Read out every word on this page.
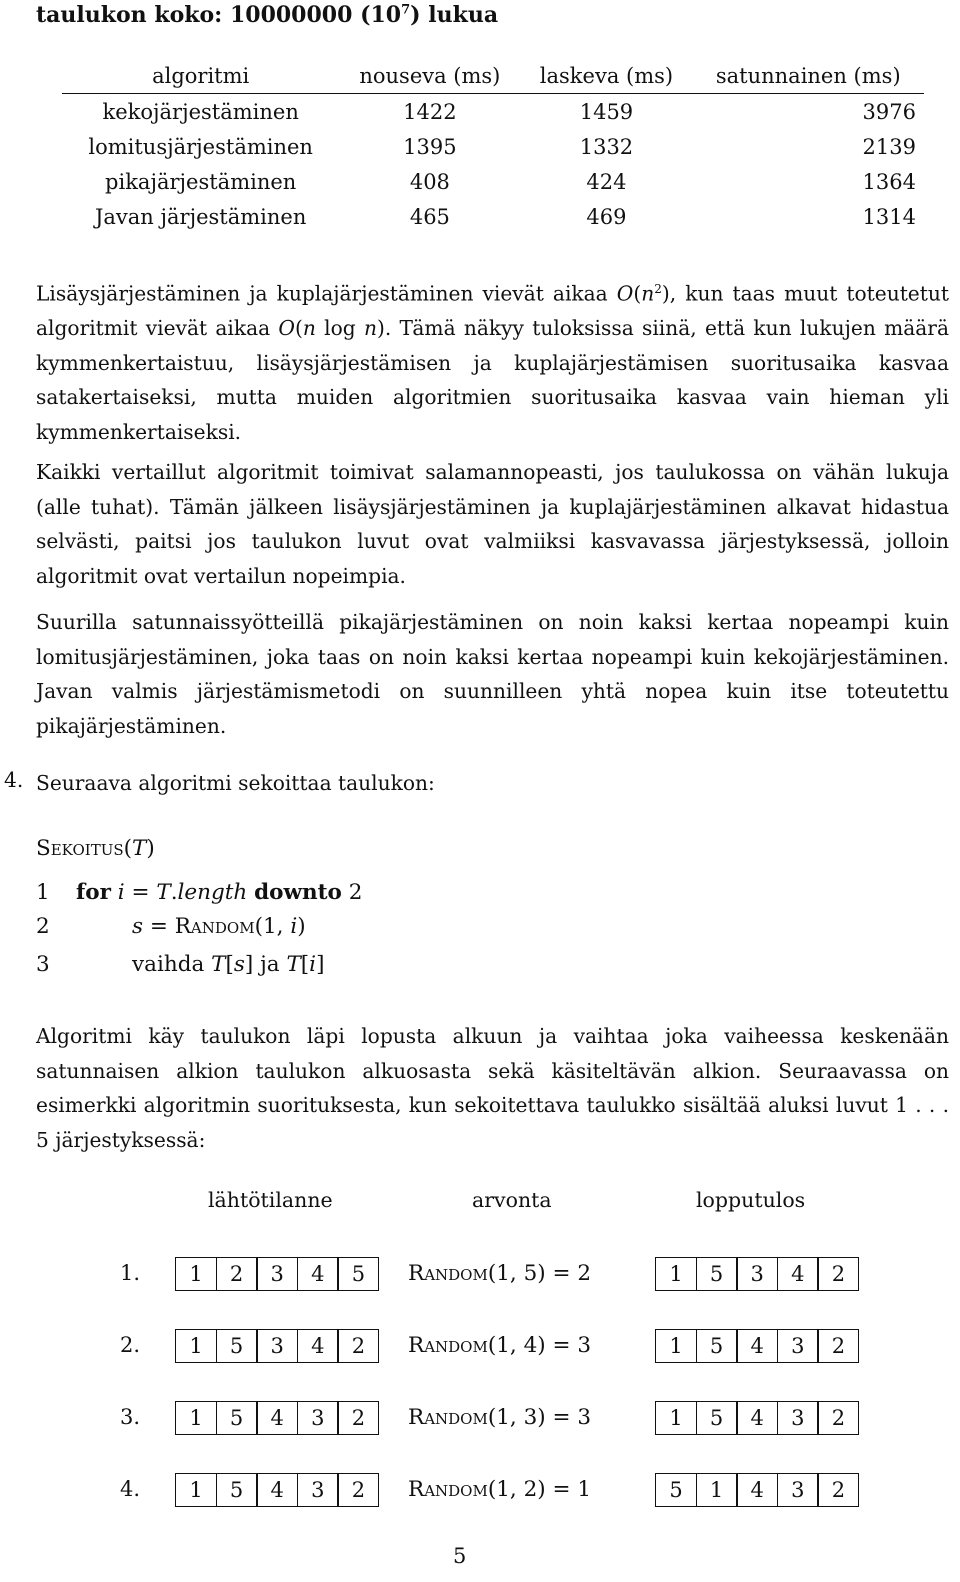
taulukon koko: 10000000 $(10^7)$ lukua
algoritmi	nouseva (ms)	laskeva (ms)	satunnainen (ms)
kekojärjestäminen	1422	1459	3976
lomitusjärjestäminen	1395	1332	2139
pikajärjestäminen	408	424	1364
Javan järjestäminen	465	469	1314
Lisäysjärjestäminen ja kuplajärjestäminen vievät aikaa $O(n^2)$, kun taas muut toteutetut algoritmit vievät aikaa O(n log n). Tämä näkyy tuloksissa siinä, että kun lukujen määrä kymmenkertaistuu, lisäysjärjestämisen ja kuplajärjestämisen suoritusaika kasvaa satakertaiseksi, mutta muiden algoritmien suoritusaika kasvaa vain hieman yli kymmenkertaiseksi.
Kaikki vertaillut algoritmit toimivat salamannopeasti, jos taulukossa on vähän lukuja (alle tuhat). Tämän jälkeen lisäysjärjestäminen ja kuplajärjestäminen alkavat hidastua selvästi, paitsi jos taulukon luvut ovat valmiiksi kasvavassa järjestyksessä, jolloin algoritmit ovat vertailun nopeimpia.
Suurilla satunnaissyötteillä pikajärjestäminen on noin kaksi kertaa nopeampi kuin lomitusjärjestäminen, joka taas on noin kaksi kertaa nopeampi kuin kekojärjestäminen. Javan valmis järjestämismetodi on suunnilleen yhtä nopea kuin itse toteutettu pikajärjestäminen.
4. Seuraava algoritmi sekoittaa taulukon:
Sekoitus(T)
1 for i = T.length downto 2
2	s = Random(1, i)
3	vaihda T[s] ja T[i]
Algoritmi käy taulukon läpi lopusta alkuun ja vaihtaa joka vaiheessa keskenään satunnaisen alkion taulukon alkuosasta sekä käsiteltävän alkion. Seuraavassa on esimerkki algoritmin suorituksesta, kun sekoitettava taulukko sisältää aluksi luvut 1 . . . 5 järjestyksessä:
lähtötilanne	arvonta	lopputulos
1.	1	2	3	4	5	Random(1, 5) = 2	1	5	3	4	2
2.	1	5	3	4	2	Random(1, 4) = 3	1	5	4	3	2
3.	1	5	4	3	2	Random(1, 3) = 3	1	5	4	3	2
4.	1	5	4	3	2	Random(1, 2) = 1	5	1	4	3	2
5
